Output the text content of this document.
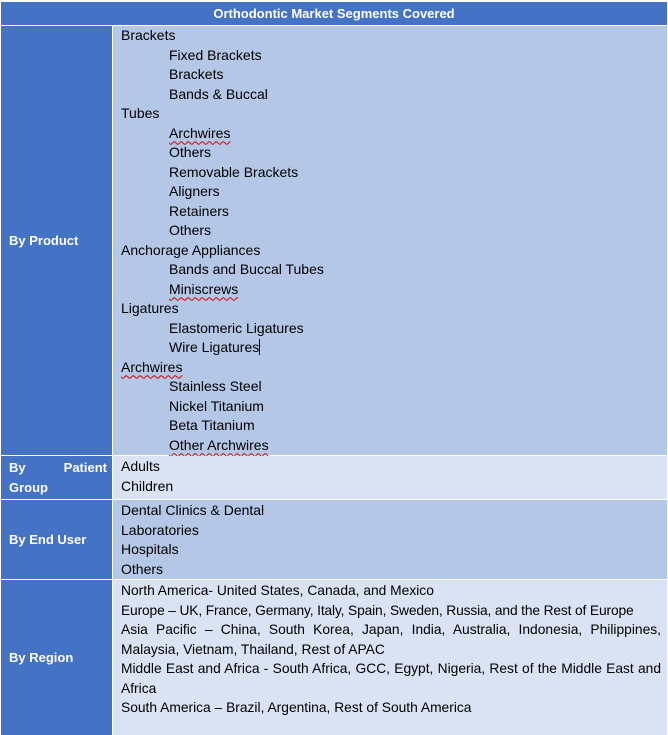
Orthodontic Market Segments Covered
By Product
Brackets
Fixed Brackets
Brackets
Bands & Buccal
Tubes
Archwires
Others
Removable Brackets
Aligners
Retainers
Others
Anchorage Appliances
Bands and Buccal Tubes
Miniscrews
Ligatures
Elastomeric Ligatures
Wire Ligatures
Archwires
Stainless Steel
Nickel Titanium
Beta Titanium
Other Archwires
By Patient Group
Adults
Children
By End User
Dental Clinics & Dental
Laboratories
Hospitals
Others
By Region
North America- United States, Canada, and Mexico
Europe – UK, France, Germany, Italy, Spain, Sweden, Russia, and the Rest of Europe
Asia Pacific – China, South Korea, Japan, India, Australia, Indonesia, Philippines, Malaysia, Vietnam, Thailand, Rest of APAC
Middle East and Africa - South Africa, GCC, Egypt, Nigeria, Rest of the Middle East and Africa
South America – Brazil, Argentina, Rest of South America
